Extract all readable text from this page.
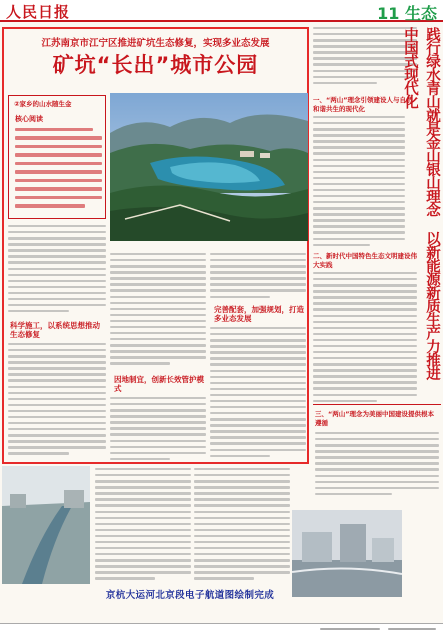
人民日报	11 生态
江苏南京市江宁区推进矿坑生态修复，实现多业态发展
矿坑“长出”城市公园
②家乡的山水随生金
核心阅读
科学施工，以系统思想推动生态修复
因地制宜，创新长效管护模式
完善配套，加强规划，打造多业态发展
一、“两山”理念引领建设人与自然和谐共生的现代化
二、新时代中国特色生态文明建设伟大实践	践行绿水青山就是金山银山理念 以新能源新质生产力推进中国式现代化
三、“两山”理念为美丽中国建设提供根本遵循
京杭大运河北京段电子航道图绘制完成
